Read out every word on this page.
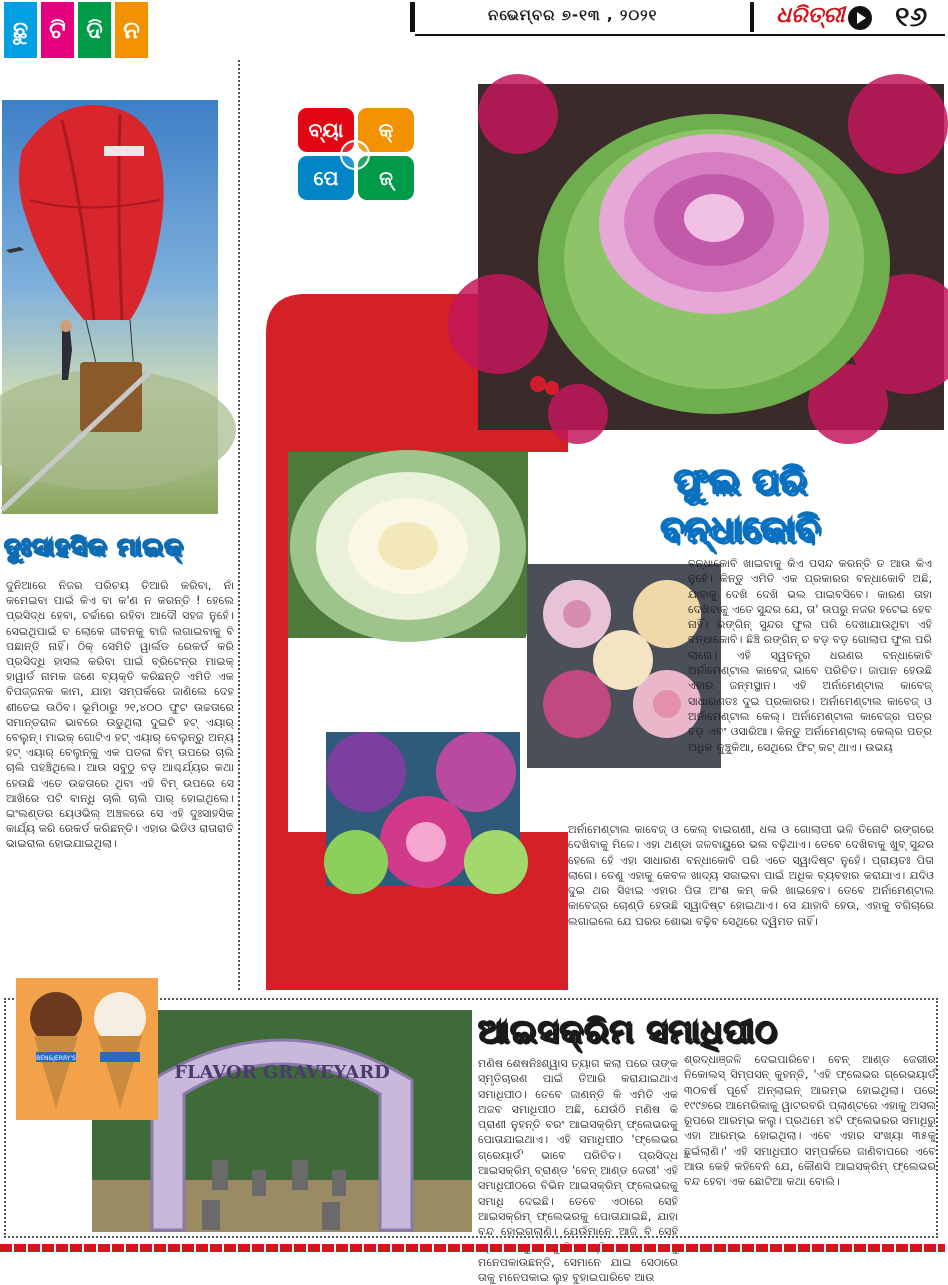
ଛୁ ଟି ଦି ନ
ନଭେମ୍ବର ୭-୧୩ , ୨୦୨୧	ଧରିତ୍ରୀ ୧୬
ଦୁଃସାହସିକ ମାଇକ୍
ଦୁନିଆରେ ନିଜର ପରିଚୟ ତିଆରି କରିବା, ନାଁ କମେଇବା ପାଇଁ କିଏ ବା କ'ଣ ନ କରନ୍ତି ! ହେଲେ ପ୍ରସିଦ୍ଧ ହେବା, ଚର୍ଚ୍ଚାରେ ରହିବା ଆଦୌ ସହଜ ନୁହେଁ। ସେଇଥିପାଇଁ ଚ ଲୋକେ ଜୀବନକୁ ବାଜି ଲଗାଇବାକୁ ବି ପଛାନ୍ତି ନାହିଁ। ଠିକ୍ ସେମିତି ୱାର୍ଲଡ ରେକର୍ଡ କରି ପ୍ରସିଦ୍ଧି ହାସଲ କରିବା ପାଇଁ ବ୍ରିଟେନ୍‌ର ମାଇକ୍ ହାୱାର୍ଡ ନାମକ ଜଣେ ବ୍ୟକ୍ତି କରିଛନ୍ତି ଏମିତି ଏକ ବିପଜ୍ଜନକ କାମ, ଯାହା ସମ୍ପର୍କରେ ଜାଣିଲେ ଦେହ ଶୀତେଇ ଉଠିବ। ଭୂମିଠାରୁ ୨୧,୪୦୦ ଫୁଟ ଉଚ୍ଚତାରେ ସମାନ୍ତରାଳ ଭାବରେ ଉଡୁଥିଲା ଦୁଇଟି ହଟ୍ ଏୟାର୍ ବେଲୁନ୍। ମାଇକ୍ ଗୋଟିଏ ହଟ୍ ଏୟାର୍ ବେଲୁନ୍‌ରୁ ଅନ୍ୟ ହଟ୍ ଏୟାର୍ ବେଲୁନ୍‌କୁ ଏକ ପତଳା ବିମ୍ ଉପରେ ଚାଲି ଚାଲି ପହଞ୍ଚିଥିଲେ। ଆଉ ସବୁଠୁ ବଡ଼ ଆଶ୍ଚର୍ଯ୍ୟର କଥା ହେଉଛି ଏତେ ଉଚ୍ଚତାରେ ଥିବା ଏହି ବିମ୍ ଉପରେ ସେ ଆଖିରେ ପଟି ବାନ୍ଧି ଚାଲି ଚାଲି ପାର୍ ହୋଇଥିଲେ। ଇଂଲଣ୍ଡର ୟେଓଭିଲ୍ ଅଞ୍ଚଳରେ ସେ ଏହି ଦୁଃସାହସିକ କାର୍ଯ୍ୟ କରି ରେକର୍ଡ କରିଛନ୍ତି। ଏହାର ଭିଡିଓ ରାତାରାତି ଭାଇରାଲ ହୋଇଯାଇଥିଲା।
ବ୍ୟା	କ୍
ପେ	ଜ୍
ଫୁଲ ପରି
ବନ୍ଧାକୋବି
ବନ୍ଧାକୋବି ଖାଇବାକୁ କିଏ ପସନ୍ଦ କରନ୍ତି ତ ଆଉ କିଏ ନୁହେଁ। କିନ୍ତୁ ଏମିତି ଏକ ପ୍ରକାରର ବନ୍ଧାକୋବି ଅଛି, ଯାହାକୁ ଦେଖି ଦେଖି ଭଲ ପାଇବସିବେ। କାରଣ ତାହା ଦେଖିବାକୁ ଏତେ ସୁନ୍ଦର ଯେ, ତା' ଉପରୁ ନଜର ହଟେଇ ହେବ ନାହିଁ। ରଙ୍ଗିନ୍ ସୁନ୍ଦର ଫୁଲ ପରି ଦେଖାଯାଉଥିବା ଏହି ବନ୍ଧାକୋବି। ଛିଞ୍ଚି ରଙ୍ଗିନ୍ ଚ ବଡ଼ ବଡ଼ ଗୋଲାପ ଫୁଲ ପରି ଲାଗେ। ଏହି ସ୍ୱତନ୍ତ୍ର ଧରଣର ବନ୍ଧାକୋବି ଅର୍ନାମେଣ୍ଟାଲ କାବେଜ୍ ଭାବେ ପରିଚିତ। ଜାପାନ ହେଉଛି ଏହାର ଜନ୍ମସ୍ଥାନ। ଏହି ଅର୍ନାମେଣ୍ଟାଲ କାବେଜ୍ ସାଧାରଣତଃ ଦୁଇ ପ୍ରକାରର। ଅର୍ନାମେଣ୍ଟାଲ କାବେଜ୍ ଓ ଅର୍ନାମେଣ୍ଟାଲ କେଲ୍। ଅର୍ନାମେଣ୍ଟାଲ କାବେଜ୍‌ର ପତ୍ର ବଡ଼ ଏବଂ ଓସାରିଆ। କିନ୍ତୁ ଅର୍ନାମେଣ୍ଟାଲ୍ କେଲ୍‌ର ପତ୍ର ଅଧିକ କୁଞ୍ଚୁକିଆ, ସେଥିରେ ଫିଟ୍ କଟ୍ ଥାଏ। ଉଭୟ
ଅର୍ନାମେଣ୍ଟାଲ କାବେଜ୍ ଓ କେଲ୍ ବାଇଗଣୀ, ଧଳା ଓ ଗୋଲାପୀ ଭଳି ତିନୋଟି ରଙ୍ଗରେ ଦେଖିବାକୁ ମିଳେ। ଏହା ଥଣ୍ଡା ଜଳବାୟୁରେ ଭଲ ବଢ଼ିଥାଏ। ତେବେ ଦେଖିବାକୁ ଖୁବ୍ ସୁନ୍ଦର ହେଲେ ହେଁ ଏହା ସାଧାରଣ ବନ୍ଧାକୋବି ପରି ଏତେ ସ୍ୱାଦିଷ୍ଟ ନୁହେଁ। ପ୍ରାୟତଃ ପିତା ଲାଗେ। ତେଣୁ ଏହାକୁ କେବଳ ଖାଦ୍ୟ ସଜାଇବା ପାଇଁ ଅଧିକ ବ୍ୟବହାର କରାଯାଏ। ଯଦିଓ ଦୁଇ ଥର ସିଝାଇ ଏହାର ପିତା ଅଂଶ କମ୍ କରି ଖାଇହେବ। ତେବେ ଅର୍ନାମେଣ୍ଟାଲ କାବେଜ୍‌ର ଚୋଣ୍ଡି ହେଉଛି ସ୍ୱାଦିଷ୍ଟ ହୋଇଥାଏ। ସେ ଯାହାବି ହେଉ, ଏହାକୁ ବଗିଚାରେ ଲଗାଇଲେ ଯେ ଘରର ଶୋଭା ବଢ଼ିବ ସେଥିରେ ଦ୍ୱିମତ ନାହିଁ।
FLAVOR GRAVEYARD
BEN&JERRY'S
ଆଇସକ୍ରିମ ସମାଧିପୀଠ
ମଣିଷ ଶେଷନିଃଶ୍ୱାସ ତ୍ୟାଗ କଲା ପରେ ତାଙ୍କ ସ୍ମୃତିଚାରଣ ପାଇଁ ତିଆରି କରାଯାଇଥାଏ ସମାଧିପୀଠ। ତେବେ ଜାଣନ୍ତି କି ଏମିତି ଏକ ଅଜବ ସମାଧିପୀଠ ଅଛି, ଯେଉଁଠି ମଣିଷ କି ପ୍ରାଣୀ ନୁହନ୍ତି ବରଂ ଆଇସକ୍ରିମ୍ ଫ୍ଲେଭରକୁ ପୋତାଯାଇଥାଏ। ଏହି ସମାଧିପୀଠ 'ଫ୍ଲେଭର ଗ୍ରେୟାର୍ଡ' ଭାବେ ପରିଚିତ। ପ୍ରସିଦ୍ଧ ଆଇସକ୍ରିମ୍ ବ୍ରାଣ୍ଡ 'ବେନ୍ ଆଣ୍ଡ ଜେରୀ' ଏହି ସମାଧିପୀଠରେ ବିଭିନ ଆଇସକ୍ରିମ୍ ଫ୍ଲେଭରକୁ ସମାଧି ଦେଇଛି। ତେବେ ଏଠାରେ ସେହି ଆଇସକ୍ରିମ୍ ଫ୍ଲେଭରକୁ ପୋତାଯାଇଛି, ଯାହା ବନ୍ଦ ହୋଇଗଲାଣି। ଯେଉଁମାନେ ଆଜି ବି ସେହି ମନେପକାଉଛନ୍ତି, ସେମାନେ ଯାଇ ସେଠାରେ ତାକୁ ମନେପକାଇ ଲୁହ ବୁହାଇପାରିବେ ଆଉ
ଶ୍ରଦ୍ଧାଞ୍ଜଳି ଦେଇପାରିବେ। ବେନ୍ ଆଣ୍ଡ ଜେରୀର ନିକୋଲସ୍ ସିମ୍ପସନ୍ କୁହନ୍ତି, 'ଏହି ଫ୍ଲେଭର ଗ୍ରେଭୟାର୍ଡ ୩୦ବର୍ଷ ପୂର୍ବେ ଅନ୍‌ଲାଇନ୍ ଆରମ୍ଭ ହୋଇଥିଲା। ପରେ ୧୯୯୭ରେ ଆମେରିକାକୁ ୱାଟରବରି ପ୍ଲାଣ୍ଟରେ ଏହାକୁ ଅସଲ ରୂପରେ ଆରମ୍ଭ କଲୁ। ପ୍ରଥମେ ୪ଟି ଫ୍ଲେଭରର ସମାଧିରୁ ଏହା ଆରମ୍ଭ ହୋଇଥିଲା। ଏବେ ଏହାର ସଂଖ୍ୟା ୩୫କୁ ଛୁଇଁଲାଣି।' ଏହି ସମାଧିପୀଠ ସମ୍ପର୍କରେ ଜାଣିବାପରେ ଏବେ ଆଉ କେହି କହିବେନି ଯେ, କୌଣସି ଆଇସକ୍ରିମ୍ ଫ୍ଲେଭର ବନ୍ଦ ହେବା ଏକ ଛୋଟିଆ କଥା ବୋଲି।
